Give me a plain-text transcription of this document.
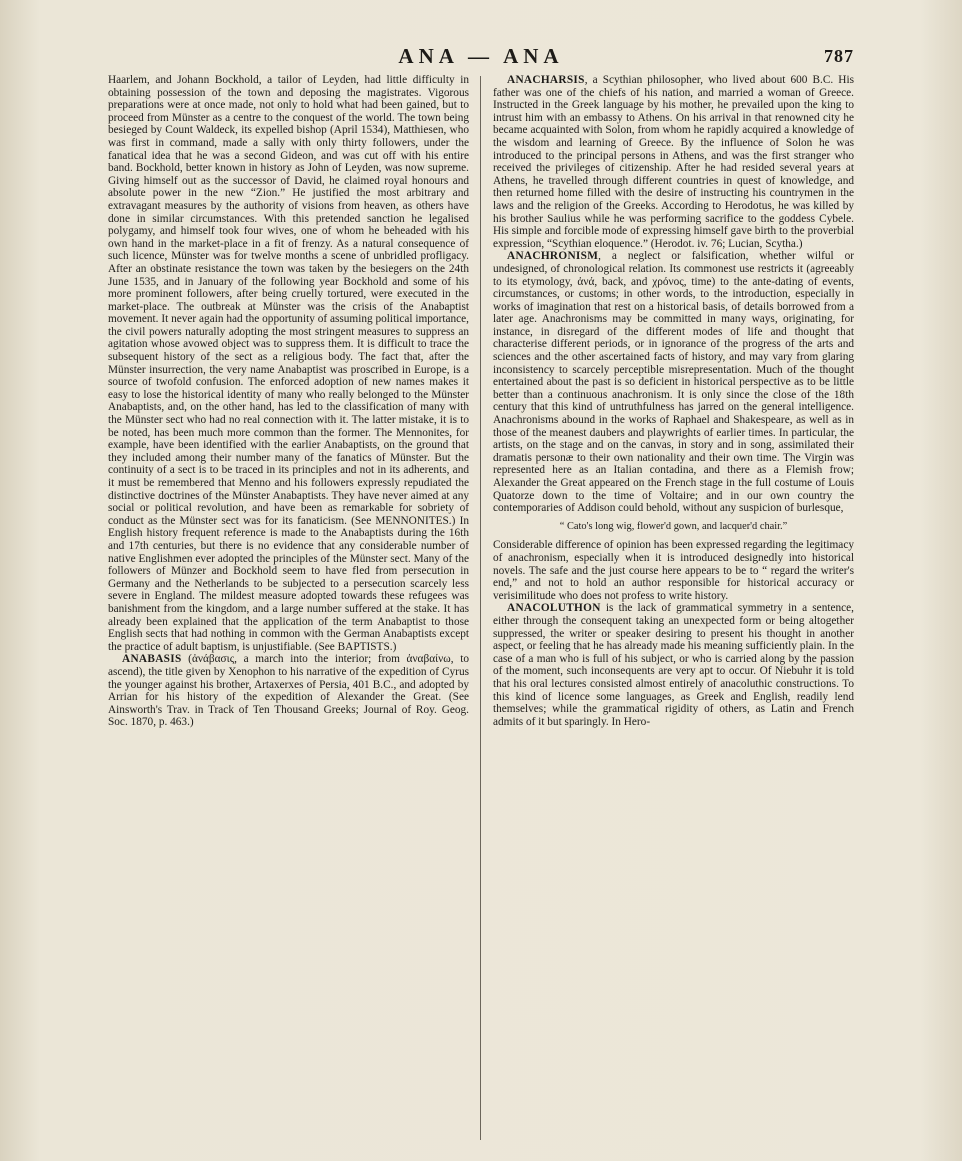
ANA — ANA	787

Haarlem, and Johann Bockhold, a tailor of Leyden, had little difficulty in obtaining possession of the town and deposing the magistrates. Vigorous preparations were at once made, not only to hold what had been gained, but to proceed from Münster as a centre to the conquest of the world. The town being besieged by Count Waldeck, its expelled bishop (April 1534), Matthiesen, who was first in command, made a sally with only thirty followers, under the fanatical idea that he was a second Gideon, and was cut off with his entire band. Bockhold, better known in history as John of Leyden, was now supreme. Giving himself out as the successor of David, he claimed royal honours and absolute power in the new “Zion.” He justified the most arbitrary and extravagant measures by the authority of visions from heaven, as others have done in similar circumstances. With this pretended sanction he legalised polygamy, and himself took four wives, one of whom he beheaded with his own hand in the market-place in a fit of frenzy. As a natural consequence of such licence, Münster was for twelve months a scene of unbridled profligacy. After an obstinate resistance the town was taken by the besiegers on the 24th June 1535, and in January of the following year Bockhold and some of his more prominent followers, after being cruelly tortured, were executed in the market-place. The outbreak at Münster was the crisis of the Anabaptist movement. It never again had the opportunity of assuming political importance, the civil powers naturally adopting the most stringent measures to suppress an agitation whose avowed object was to suppress them. It is difficult to trace the subsequent history of the sect as a religious body. The fact that, after the Münster insurrection, the very name Anabaptist was proscribed in Europe, is a source of twofold confusion. The enforced adoption of new names makes it easy to lose the historical identity of many who really belonged to the Münster Anabaptists, and, on the other hand, has led to the classification of many with the Münster sect who had no real connection with it. The latter mistake, it is to be noted, has been much more common than the former. The Mennonites, for example, have been identified with the earlier Anabaptists, on the ground that they included among their number many of the fanatics of Münster. But the continuity of a sect is to be traced in its principles and not in its adherents, and it must be remembered that Menno and his followers expressly repudiated the distinctive doctrines of the Münster Anabaptists. They have never aimed at any social or political revolution, and have been as remarkable for sobriety of conduct as the Münster sect was for its fanaticism. (See MENNONITES.) In English history frequent reference is made to the Anabaptists during the 16th and 17th centuries, but there is no evidence that any considerable number of native Englishmen ever adopted the principles of the Münster sect. Many of the followers of Münzer and Bockhold seem to have fled from persecution in Germany and the Netherlands to be subjected to a persecution scarcely less severe in England. The mildest measure adopted towards these refugees was banishment from the kingdom, and a large number suffered at the stake. It has already been explained that the application of the term Anabaptist to those English sects that had nothing in common with the German Anabaptists except the practice of adult baptism, is unjustifiable. (See BAPTISTS.)

ANABASIS (ἀνάβασις, a march into the interior; from ἀναβαίνω, to ascend), the title given by Xenophon to his narrative of the expedition of Cyrus the younger against his brother, Artaxerxes of Persia, 401 B.C., and adopted by Arrian for his history of the expedition of Alexander the Great. (See Ainsworth's Trav. in Track of Ten Thousand Greeks; Journal of Roy. Geog. Soc. 1870, p. 463.)

ANACHARSIS, a Scythian philosopher, who lived about 600 B.C. His father was one of the chiefs of his nation, and married a woman of Greece. Instructed in the Greek language by his mother, he prevailed upon the king to intrust him with an embassy to Athens. On his arrival in that renowned city he became acquainted with Solon, from whom he rapidly acquired a knowledge of the wisdom and learning of Greece. By the influence of Solon he was introduced to the principal persons in Athens, and was the first stranger who received the privileges of citizenship. After he had resided several years at Athens, he travelled through different countries in quest of knowledge, and then returned home filled with the desire of instructing his countrymen in the laws and the religion of the Greeks. According to Herodotus, he was killed by his brother Saulius while he was performing sacrifice to the goddess Cybele. His simple and forcible mode of expressing himself gave birth to the proverbial expression, “Scythian eloquence.” (Herodot. iv. 76; Lucian, Scytha.)

ANACHRONISM, a neglect or falsification, whether wilful or undesigned, of chronological relation. Its commonest use restricts it (agreeably to its etymology, ἀνά, back, and χρόνος, time) to the ante-dating of events, circumstances, or customs; in other words, to the introduction, especially in works of imagination that rest on a historical basis, of details borrowed from a later age. Anachronisms may be committed in many ways, originating, for instance, in disregard of the different modes of life and thought that characterise different periods, or in ignorance of the progress of the arts and sciences and the other ascertained facts of history, and may vary from glaring inconsistency to scarcely perceptible misrepresentation. Much of the thought entertained about the past is so deficient in historical perspective as to be little better than a continuous anachronism. It is only since the close of the 18th century that this kind of untruthfulness has jarred on the general intelligence. Anachronisms abound in the works of Raphael and Shakespeare, as well as in those of the meanest daubers and playwrights of earlier times. In particular, the artists, on the stage and on the canvas, in story and in song, assimilated their dramatis personæ to their own nationality and their own time. The Virgin was represented here as an Italian contadina, and there as a Flemish frow; Alexander the Great appeared on the French stage in the full costume of Louis Quatorze down to the time of Voltaire; and in our own country the contemporaries of Addison could behold, without any suspicion of burlesque,

“ Cato's long wig, flower'd gown, and lacquer'd chair.”

Considerable difference of opinion has been expressed regarding the legitimacy of anachronism, especially when it is introduced designedly into historical novels. The safe and the just course here appears to be to “ regard the writer's end,” and not to hold an author responsible for historical accuracy or verisimilitude who does not profess to write history.

ANACOLUTHON is the lack of grammatical symmetry in a sentence, either through the consequent taking an unexpected form or being altogether suppressed, the writer or speaker desiring to present his thought in another aspect, or feeling that he has already made his meaning sufficiently plain. In the case of a man who is full of his subject, or who is carried along by the passion of the moment, such inconsequents are very apt to occur. Of Niebuhr it is told that his oral lectures consisted almost entirely of anacoluthic constructions. To this kind of licence some languages, as Greek and English, readily lend themselves; while the grammatical rigidity of others, as Latin and French admits of it but sparingly. In Hero-
